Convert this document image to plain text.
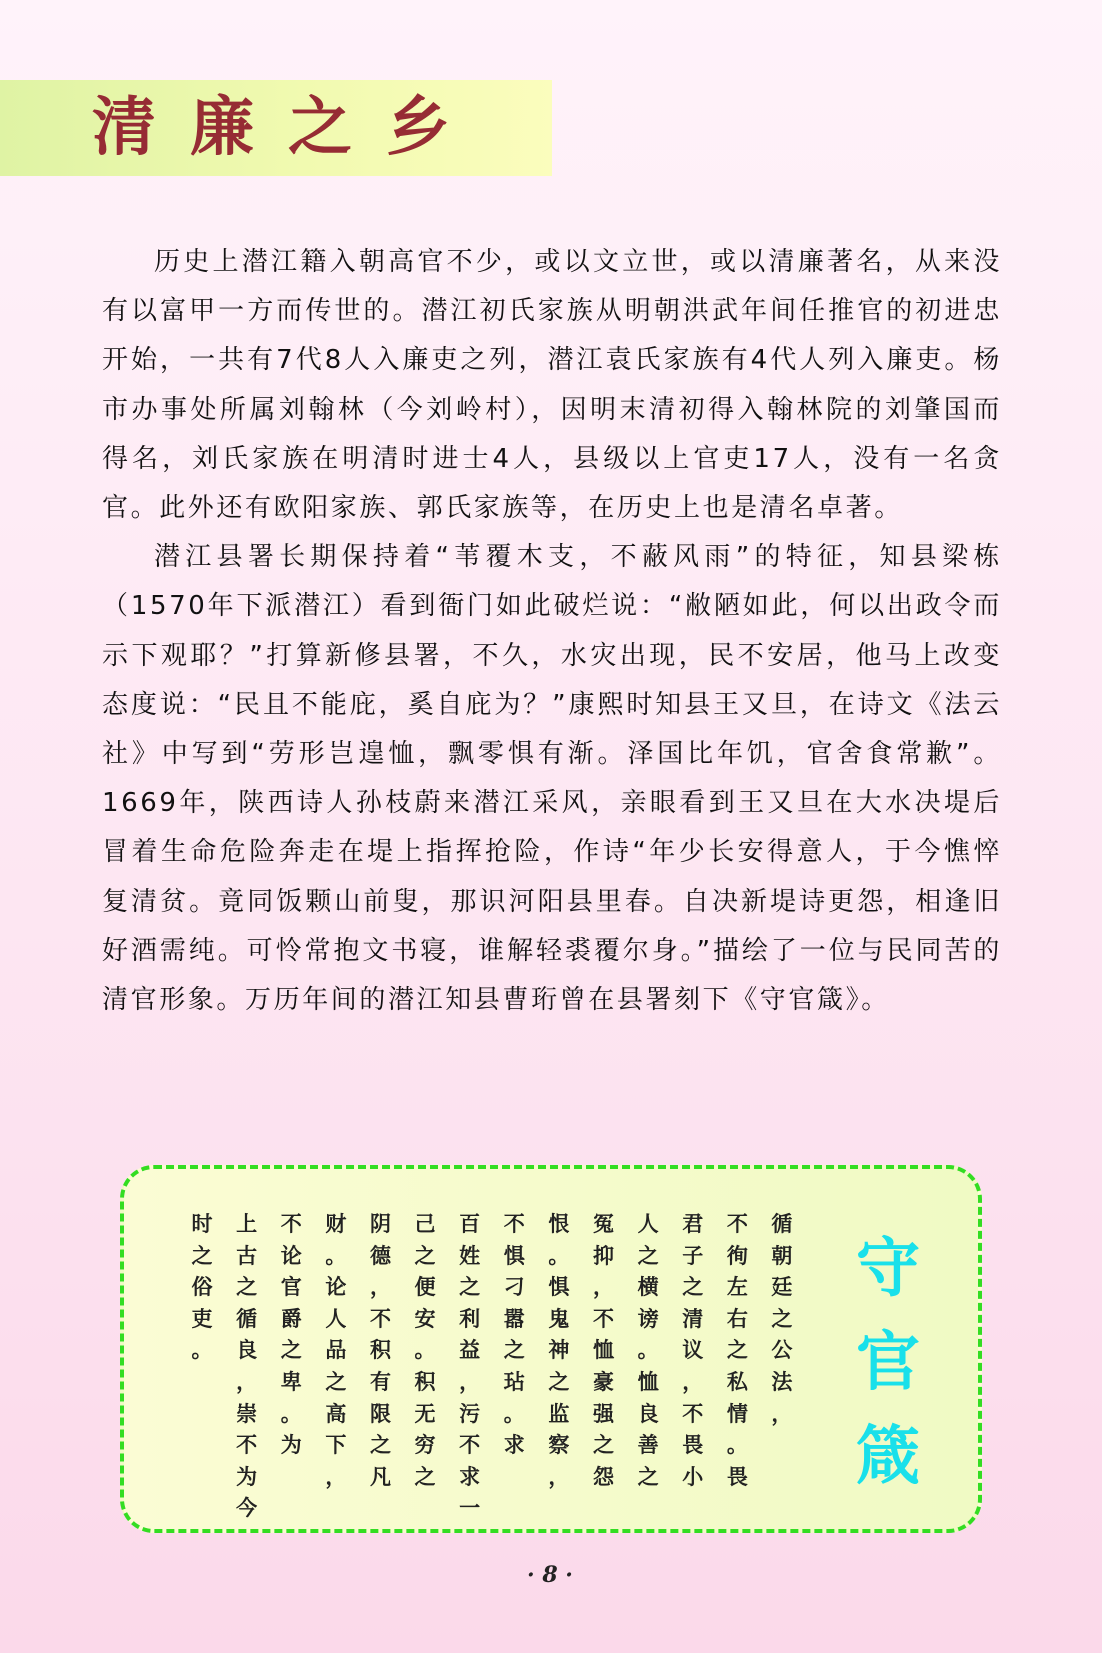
清廉之乡

历史上潜江籍入朝高官不少，或以文立世，或以清廉著名，从来没有以富甲一方而传世的。潜江初氏家族从明朝洪武年间任推官的初进忠开始，一共有7代8人入廉吏之列，潜江袁氏家族有4代人列入廉吏。杨市办事处所属刘翰林（今刘岭村），因明末清初得入翰林院的刘肇国而得名，刘氏家族在明清时进士4人，县级以上官吏17人，没有一名贪官。此外还有欧阳家族、郭氏家族等，在历史上也是清名卓著。

潜江县署长期保持着“苇覆木支，不蔽风雨”的特征，知县梁栋（1570年下派潜江）看到衙门如此破烂说：“敝陋如此，何以出政令而示下观耶？”打算新修县署，不久，水灾出现，民不安居，他马上改变态度说：“民且不能庇，奚自庇为？”康熙时知县王又旦，在诗文《法云社》中写到“劳形岂遑恤，飘零惧有渐。泽国比年饥，官舍食常歉”。1669年，陕西诗人孙枝蔚来潜江采风，亲眼看到王又旦在大水决堤后冒着生命危险奔走在堤上指挥抢险，作诗“年少长安得意人，于今憔悴复清贫。竟同饭颗山前叟，那识河阳县里春。自决新堤诗更怨，相逢旧好酒需纯。可怜常抱文书寝，谁解轻裘覆尔身。”描绘了一位与民同苦的清官形象。万历年间的潜江知县曹珩曾在县署刻下《守官箴》。

守
官
箴
循
朝
廷
之
公
法
，
不
徇
左
右
之
私
情
。
畏
君
子
之
清
议
，
不
畏
小
人
之
横
谤
。
恤
良
善
之
冤
抑
，
不
恤
豪
强
之
怨
恨
。
惧
鬼
神
之
监
察
，
不
惧
刁
嚣
之
玷
。
求
百
姓
之
利
益
，
污
不
求
一
己
之
便
安
。
积
无
穷
之
阴
德
，
不
积
有
限
之
凡
财
。
论
人
品
之
高
下
，
不
论
官
爵
之
卑
。
为
上
古
之
循
良
，
崇
不
为
今
时
之
俗
吏
。
· 8 ·
